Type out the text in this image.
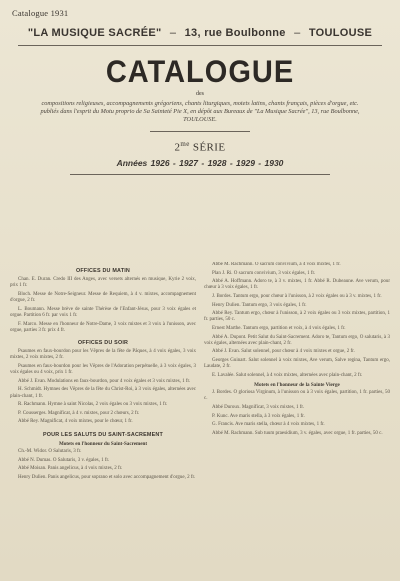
Catalogue 1931
"LA MUSIQUE SACRÉE" – 13, rue Boulbonne – TOULOUSE
CATALOGUE
des
compositions religieuses, accompagnements grégoriens, chants liturgiques, motets latins, chants français, pièces d'orgue, etc. publiés dans l'esprit du Motu proprio de Sa Sainteté Pie X, en dépôt aux Bureaux de "La Musique Sacrée", 13, rue Boulbonne, TOULOUSE.
$2^{me}$ SÉRIE
Années 1926 - 1927 - 1928 - 1929 - 1930
OFFICES DU MATIN
Chan. E. Duran. Credo III des Anges, avec versets alternés en musique, Kyrie 2 voix, prix 1 fr.
Bloch. Messe de Notre-Seigneur. Messe de Requiem, à 4 v. mixtes, accompagnement d'orgue, 2 fr.
L. Boumann. Messe brève de sainte Thérèse de l'Enfant-Jésus, pour 3 voix égales et orgue. Partition 6 fr. par voix 1 fr.
F. Marco. Messe en l'honneur de Notre-Dame, 3 voix mixtes et 3 voix à l'unisson, avec orgue, parties 3 fr. prix 4 fr.
OFFICES DU SOIR
Psaumes en faux-bourdon pour les Vêpres de la fête de Pâques, à 4 voix égales, 3 voix mixtes, 2 voix mixtes, 2 fr.
Psaumes en faux-bourdon pour les Vêpres de l'Adoration perpétuelle, à 3 voix égales, 3 voix égales ou 4 voix, prix 1 fr.
Abbé J. Evan. Modulations en faux-bourdon, pour 4 voix égales et 3 voix mixtes, 1 fr.
H. Schmidt. Hymnes des Vêpres de la fête du Christ-Roi, à 3 voix égales, alternées avec plain-chant, 1 fr.
R. Rachmann. Hymne à saint Nicolas, 2 voix égales ou 3 voix mixtes, 1 fr.
P. Cousserges. Magnificat, à 4 v. mixtes, pour 2 chœurs, 2 fr.
Abbé Rey. Magnificat, 4 voix mixtes, pour le chœur, 1 fr.
POUR LES SALUTS DU SAINT-SACREMENT
Motets en l'honneur du Saint-Sacrement
Ch.-M. Widor. O Salutaris, 3 fr.
Abbé N. Dumas. O Salutaris, 3 v. égales, 1 fr.
Abbé Moisan. Panis angelicus, à 4 voix mixtes, 2 fr.
Henry Dulien. Panis angelicus, pour soprano et solo avec accompagnement d'orgue, 2 fr.
Abbé M. Rachmann. O sacrum convivium, à 4 voix mixtes, 1 fr.
Plan J. Ri. O sacrum convivium, 3 voix égales, 1 fr.
Abbé A. Hoffmann. Adoro te, à 3 v. mixtes, 1 fr. Abbé R. Dubeaune. Ave verum, pour chœur à 3 voix égales, 1 fr.
J. Bordes. Tantum ergo, pour chœur à l'unisson, à 2 voix égales ou à 3 v. mixtes, 1 fr.
Henry Dulien. Tantum ergo, 3 voix égales, 1 fr.
Abbé Rey. Tantum ergo, chœur à l'unisson, à 2 voix égales ou 3 voix mixtes, partition, 1 fr. parties, 50 c.
Ernest Marthe. Tantum ergo, partition et voix, à 4 voix égales, 1 fr.
Abbé A. Dupont. Petit Salut du Saint-Sacrement. Adoro te, Tantum ergo, O salutaris, à 3 voix égales, alternées avec plain-chant, 2 fr.
Abbé J. Evan. Salut solennel, pour chœur à 4 voix mixtes et orgue, 2 fr.
Georges Guinart. Salut solennel à voix mixtes, Ave verum, Salve regina, Tantum ergo, Laudate, 2 fr.
E. Lavalée. Salut solennel, à 4 voix mixtes, alternées avec plain-chant, 2 fr.
Motets en l'honneur de la Sainte Vierge
J. Bordes. O gloriosa Virginum, à l'unisson ou à 3 voix égales, partition, 1 fr. parties, 50 c.
Abbé Duroux. Magnificat, 3 voix mixtes, 1 fr.
P. Kunc. Ave maris stella, à 3 voix égales, 1 fr.
G. Francis. Ave maris stella, chœur à 4 voix mixtes, 1 fr.
Abbé M. Rachmann. Sub tuum praesidium, 3 v. égales, avec orgue, 1 fr. parties, 50 c.
